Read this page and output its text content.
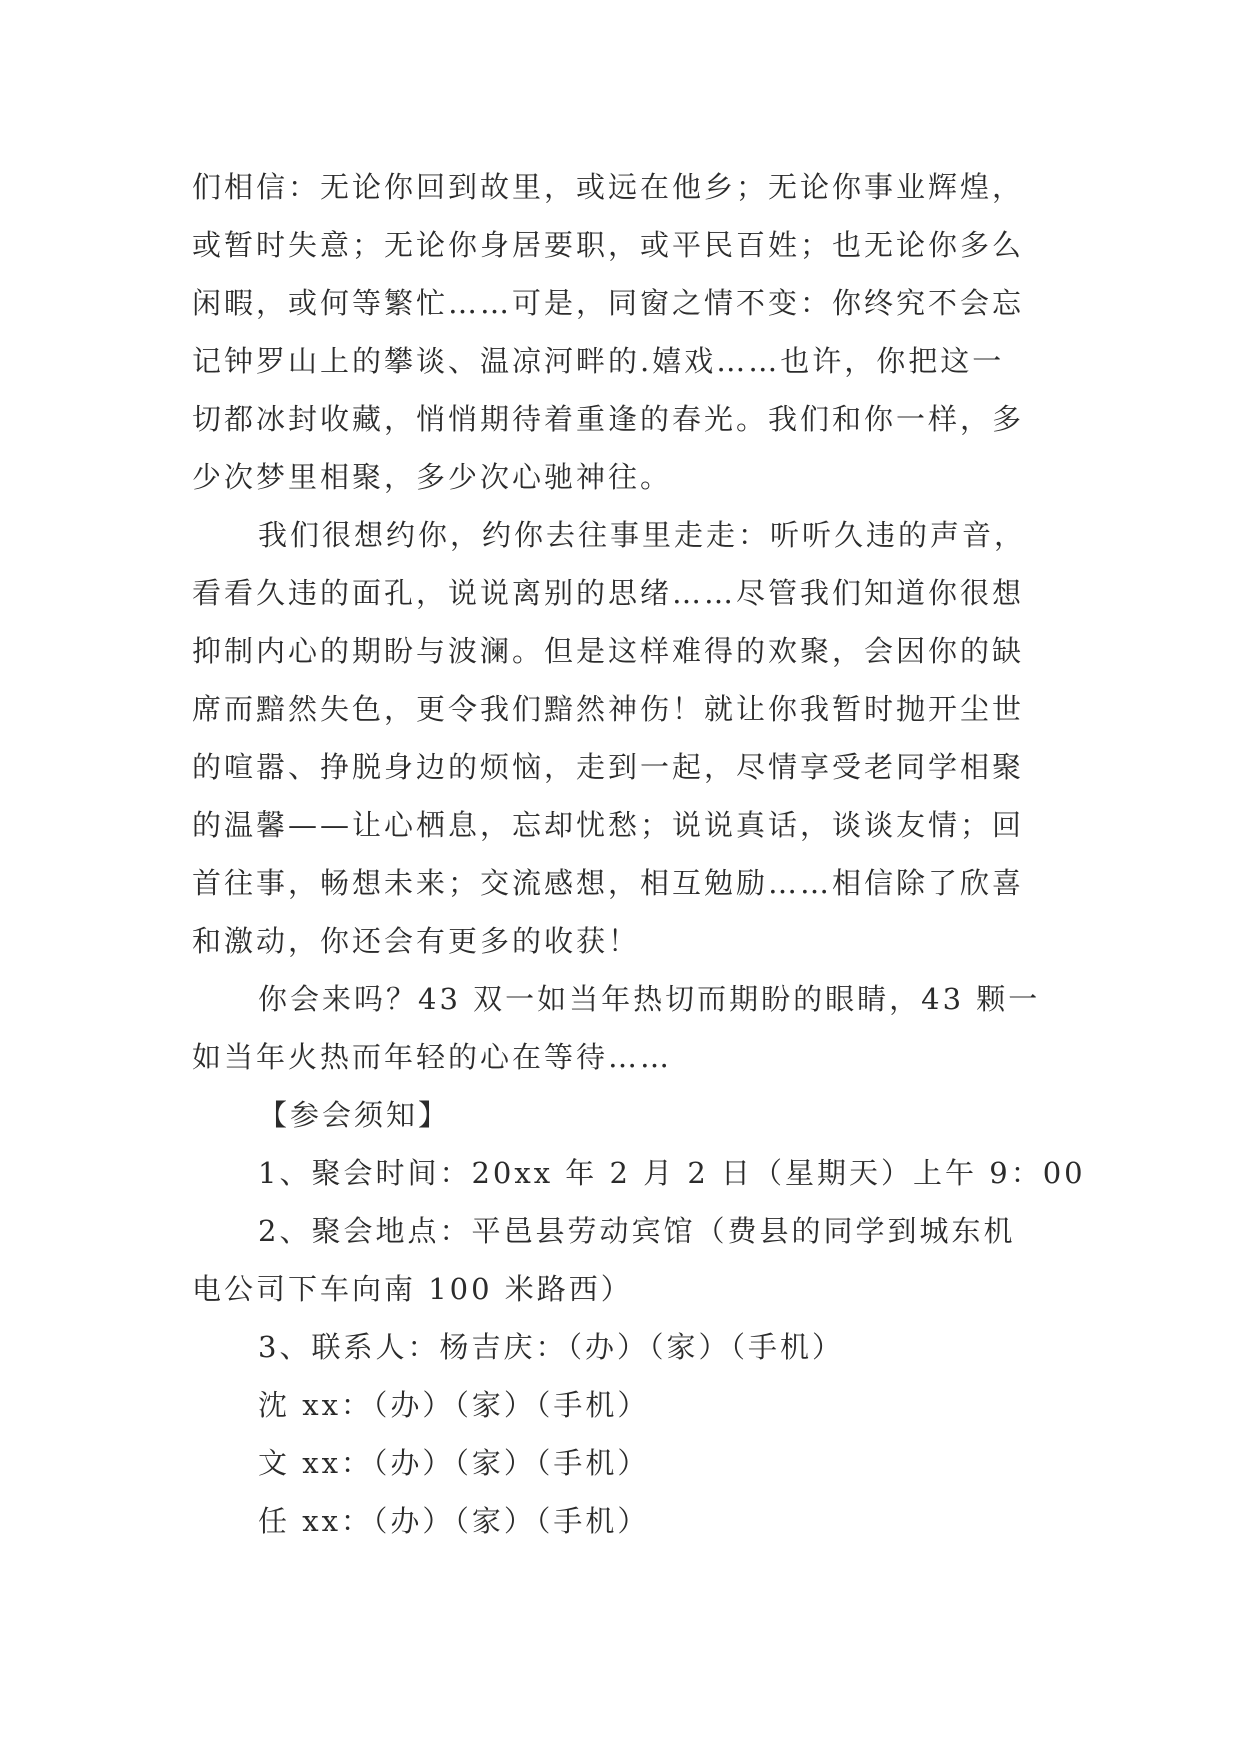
们相信：无论你回到故里，或远在他乡；无论你事业辉煌，
或暂时失意；无论你身居要职，或平民百姓；也无论你多么
闲暇，或何等繁忙……可是，同窗之情不变：你终究不会忘
记钟罗山上的攀谈、温凉河畔的.嬉戏……也许，你把这一
切都冰封收藏，悄悄期待着重逢的春光。我们和你一样，多
少次梦里相聚，多少次心驰神往。
我们很想约你，约你去往事里走走：听听久违的声音，
看看久违的面孔，说说离别的思绪……尽管我们知道你很想
抑制内心的期盼与波澜。但是这样难得的欢聚，会因你的缺
席而黯然失色，更令我们黯然神伤！就让你我暂时抛开尘世
的喧嚣、挣脱身边的烦恼，走到一起，尽情享受老同学相聚
的温馨——让心栖息，忘却忧愁；说说真话，谈谈友情；回
首往事，畅想未来；交流感想，相互勉励……相信除了欣喜
和激动，你还会有更多的收获！
你会来吗？43 双一如当年热切而期盼的眼睛，43 颗一
如当年火热而年轻的心在等待……
【参会须知】
1、聚会时间：20xx 年 2 月 2 日（星期天）上午 9：00
2、聚会地点：平邑县劳动宾馆（费县的同学到城东机
电公司下车向南 100 米路西）
3、联系人：杨吉庆：（办）（家）（手机）
沈 xx：（办）（家）（手机）
文 xx：（办）（家）（手机）
任 xx：（办）（家）（手机）
